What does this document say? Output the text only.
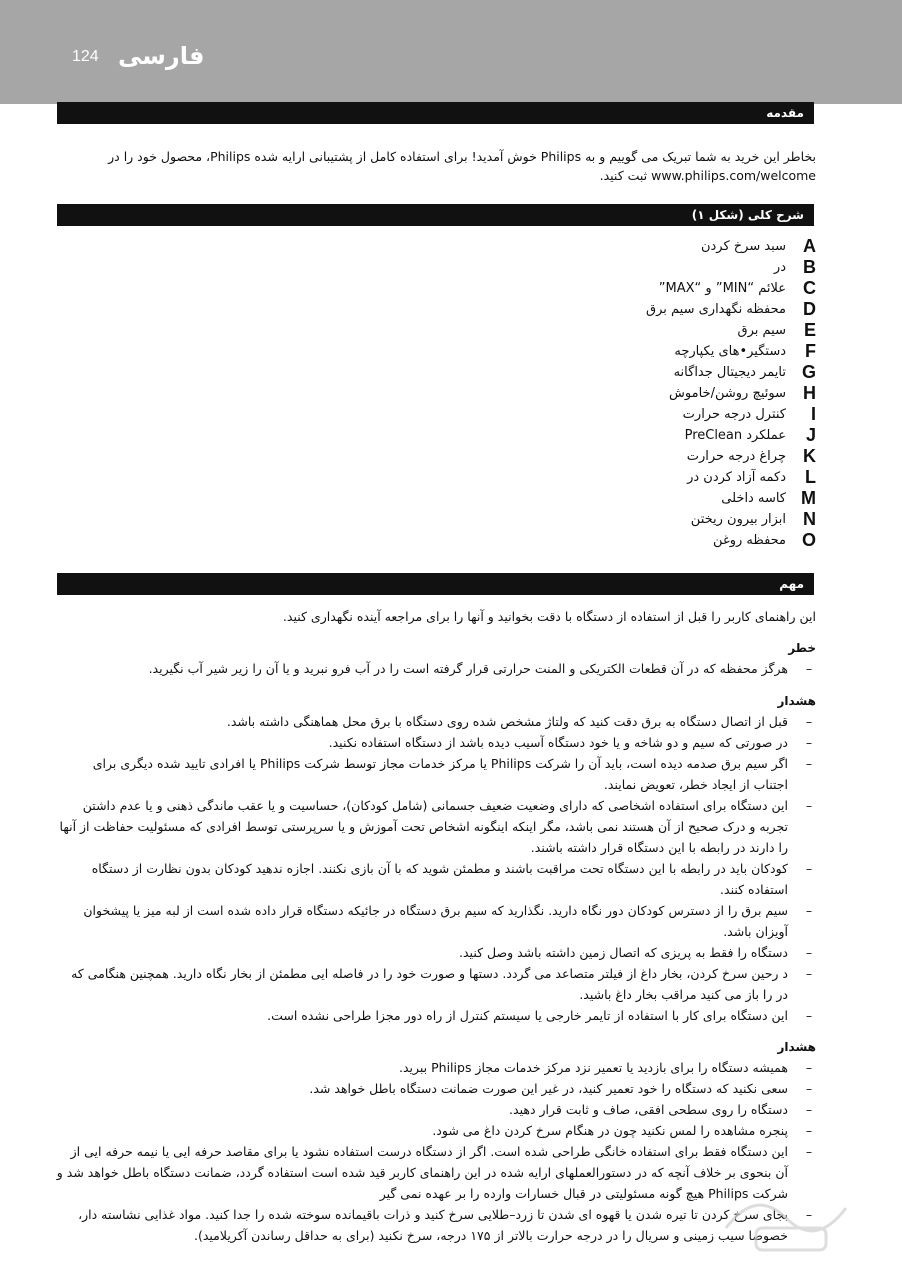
124 فارسی
مقدمه
بخاطر این خرید به شما تبریک می گوییم و به Philips خوش آمدید! برای استفاده کامل از پشتیبانی ارایه شده Philips، محصول خود را در www.philips.com/welcome ثبت کنید.
شرح کلی (شکل ۱)
A
سبد سرخ کردن
B
در
C
علائم “MIN” و “MAX”
D
محفظه نگهداری سیم برق
E
سیم برق
F
دستگیر•های یکپارچه
G
تایمر دیجیتال جداگانه
H
سوئیچ روشن/خاموش
I
کنترل درجه حرارت
J
عملکرد PreClean
K
چراغ درجه حرارت
L
دکمه آزاد کردن در
M
کاسه داخلی
N
ابزار بیرون ریختن
O
محفظه روغن
مهم
این راهنمای کاربر را قبل از استفاده از دستگاه با دقت بخوانید و آنها را برای مراجعه آینده نگهداری کنید.
خطر
–
هرگز محفظه که در آن قطعات الکتریکی و المنت حرارتی قرار گرفته است را در آب فرو نبرید و یا آن را زیر شیر آب نگیرید.
هشدار
–
قبل از اتصال دستگاه به برق دقت کنید که ولتاژ مشخص شده روی دستگاه با برق محل هماهنگی داشته باشد.
–
در صورتی که سیم و دو شاخه و یا خود دستگاه آسیب دیده باشد از دستگاه استفاده نکنید.
–
اگر سیم برق صدمه دیده است، باید آن را شرکت Philips یا مرکز خدمات مجاز توسط شرکت Philips یا افرادی تایید شده دیگری برای اجتناب از ایجاد خطر، تعویض نمایند.
–
این دستگاه برای استفاده اشخاصی که دارای وضعیت ضعیف جسمانی (شامل کودکان)، حساسیت و یا عقب ماندگی ذهنی و یا عدم داشتن تجربه و درک صحیح از آن هستند نمی باشد، مگر اینکه اینگونه اشخاص تحت آموزش و یا سرپرستی توسط افرادی که مسئولیت حفاظت از آنها را دارند در رابطه با این دستگاه قرار داشته باشند.
–
کودکان باید در رابطه با این دستگاه تحت مراقبت باشند و مطمئن شوید که با آن بازی نکنند. اجازه ندهید کودکان بدون نظارت از دستگاه استفاده کنند.
–
سیم برق را از دسترس کودکان دور نگاه دارید. نگذارید که سیم برق دستگاه در جائیکه دستگاه قرار داده شده است از لبه میز یا پیشخوان آویزان باشد.
–
دستگاه را فقط به پریزی که اتصال زمین داشته باشد وصل کنید.
–
د رحین سرخ کردن، بخار داغ از فیلتر متصاعد می گردد. دستها و صورت خود را در فاصله ایی مطمئن از بخار نگاه دارید. همچنین هنگامی که در را باز می کنید مراقب بخار داغ باشید.
–
این دستگاه برای کار با استفاده از تایمر خارجی یا سیستم کنترل از راه دور مجزا طراحی نشده است.
هشدار
–
همیشه دستگاه را برای بازدید یا تعمیر نزد مرکز خدمات مجاز Philips ببرید.
–
سعی نکنید که دستگاه را خود تعمیر کنید، در غیر این صورت ضمانت دستگاه باطل خواهد شد.
–
دستگاه را روی سطحی افقی، صاف و ثابت قرار دهید.
–
پنجره مشاهده را لمس نکنید چون در هنگام سرخ کردن داغ می شود.
–
این دستگاه فقط برای استفاده خانگی طراحی شده است. اگر از دستگاه درست استفاده نشود یا برای مقاصد حرفه ایی یا نیمه حرفه ایی از آن بنحوی بر خلاف آنچه که در دستورالعملهای ارایه شده در این راهنمای کاربر قید شده است استفاده گردد، ضمانت دستگاه باطل خواهد شد و شرکت Philips هیچ گونه مسئولیتی در قبال خسارات وارده را بر عهده نمی گیر
–
بجای سرخ کردن تا تیره شدن یا قهوه ای شدن تا زرد–طلایی سرخ کنید و ذرات باقیمانده سوخته شده را جدا کنید. مواد غذایی نشاسته دار، خصوصا سیب زمینی و سریال را در درجه حرارت بالاتر از ۱۷۵ درجه، سرخ نکنید (برای به حداقل رساندن آکریلامید).
